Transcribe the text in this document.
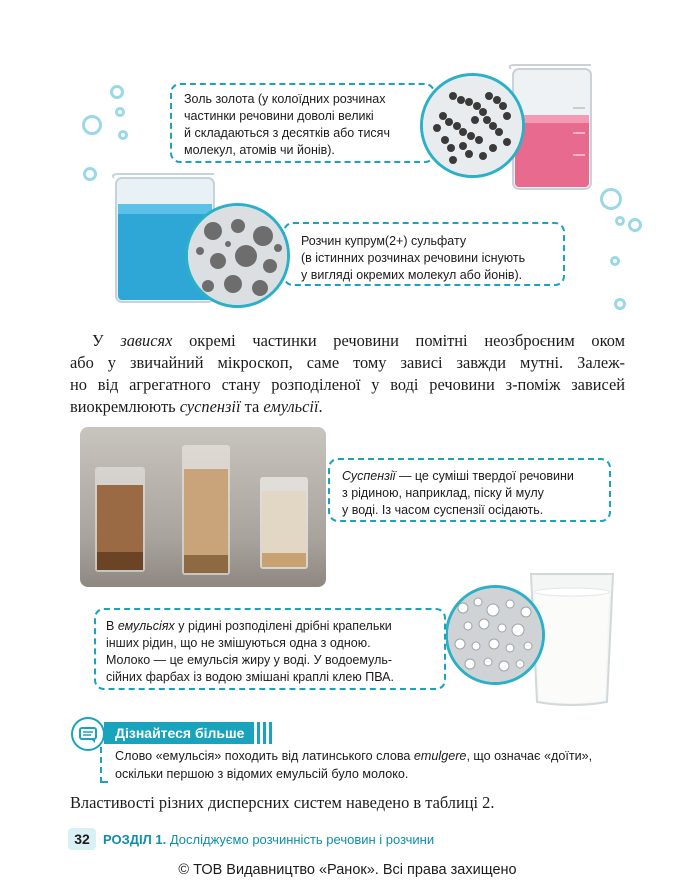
Золь золота (у колоїдних розчинах
частинки речовини доволі великі
й складаються з десятків або тисяч
молекул, атомів чи йонів).
Розчин купрум(2+) сульфату
(в істинних розчинах речовини існують
у вигляді окремих молекул або йонів).
У зависях окремі частинки речовини помітні неозброєним оком
або у звичайний мікроскоп, саме тому завиcі завжди мутні. Залеж-
но від агрегатного стану розподіленої у воді речовини з-поміж зависей
виокремлюють суспензії та емульсії.
Суспензії — це суміші твердої речовини
з рідиною, наприклад, піску й мулу
у воді. Із часом суспензії осідають.
В емульсіях у рідині розподілені дрібні крапельки
інших рідин, що не змішуються одна з одною.
Молоко — це емульсія жиру у воді. У водоемуль-
сійних фарбах із водою змішані краплі клею ПВА.
Дізнайтеся більше
Слово «емульсія» походить від латинського слова emulgere, що означає «доїти»,
оскільки першою з відомих емульсій було молоко.
Властивості різних дисперсних систем наведено в таблиці 2.
32	РОЗДІЛ 1. Досліджуємо розчинність речовин і розчини
© ТОВ Видавництво «Ранок». Всі права захищено
